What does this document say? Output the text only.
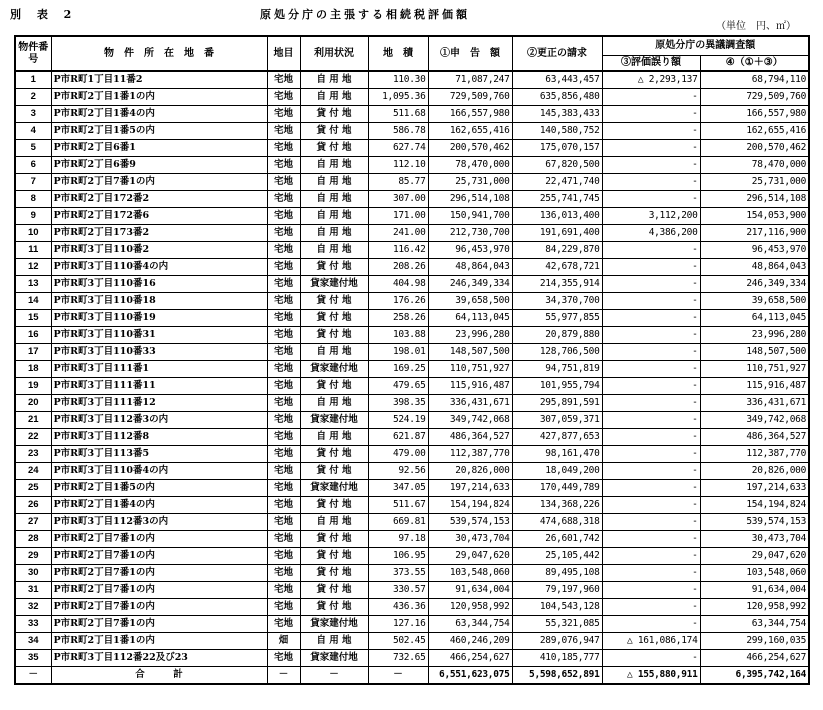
別 表 2	原処分庁の主張する相続税評価額
（単位　円、㎡）
物件番号	物　件　所　在　地　番	地目	利用状況	地　積	①申　告　額	②更正の請求	原処分庁の異議調査額	
							③評価誤り額	④（①＋③）
1	P市R町1丁目11番2	宅地	自 用 地	110.30	71,087,247	63,443,457	△ 2,293,137	68,794,110
2	P市R町2丁目1番1の内	宅地	自 用 地	1,095.36	729,509,760	635,856,480	-	729,509,760
3	P市R町2丁目1番4の内	宅地	貸 付 地	511.68	166,557,980	145,383,433	-	166,557,980
4	P市R町2丁目1番5の内	宅地	貸 付 地	586.78	162,655,416	140,580,752	-	162,655,416
5	P市R町2丁目6番1	宅地	貸 付 地	627.74	200,570,462	175,070,157	-	200,570,462
6	P市R町2丁目6番9	宅地	自 用 地	112.10	78,470,000	67,820,500	-	78,470,000
7	P市R町2丁目7番1の内	宅地	自 用 地	85.77	25,731,000	22,471,740	-	25,731,000
8	P市R町2丁目172番2	宅地	自 用 地	307.00	296,514,108	255,741,745	-	296,514,108
9	P市R町2丁目172番6	宅地	自 用 地	171.00	150,941,700	136,013,400	3,112,200	154,053,900
10	P市R町2丁目173番2	宅地	自 用 地	241.00	212,730,700	191,691,400	4,386,200	217,116,900
11	P市R町3丁目110番2	宅地	自 用 地	116.42	96,453,970	84,229,870	-	96,453,970
12	P市R町3丁目110番4の内	宅地	貸 付 地	208.26	48,864,043	42,678,721	-	48,864,043
13	P市R町3丁目110番16	宅地	貸家建付地	404.98	246,349,334	214,355,914	-	246,349,334
14	P市R町3丁目110番18	宅地	貸 付 地	176.26	39,658,500	34,370,700	-	39,658,500
15	P市R町3丁目110番19	宅地	貸 付 地	258.26	64,113,045	55,977,855	-	64,113,045
16	P市R町3丁目110番31	宅地	貸 付 地	103.88	23,996,280	20,879,880	-	23,996,280
17	P市R町3丁目110番33	宅地	自 用 地	198.01	148,507,500	128,706,500	-	148,507,500
18	P市R町3丁目111番1	宅地	貸家建付地	169.25	110,751,927	94,751,819	-	110,751,927
19	P市R町3丁目111番11	宅地	貸 付 地	479.65	115,916,487	101,955,794	-	115,916,487
20	P市R町3丁目111番12	宅地	自 用 地	398.35	336,431,671	295,891,591	-	336,431,671
21	P市R町3丁目112番3の内	宅地	貸家建付地	524.19	349,742,068	307,059,371	-	349,742,068
22	P市R町3丁目112番8	宅地	自 用 地	621.87	486,364,527	427,877,653	-	486,364,527
23	P市R町3丁目113番5	宅地	貸 付 地	479.00	112,387,770	98,161,470	-	112,387,770
24	P市R町3丁目110番4の内	宅地	貸 付 地	92.56	20,826,000	18,049,200	-	20,826,000
25	P市R町2丁目1番5の内	宅地	貸家建付地	347.05	197,214,633	170,449,789	-	197,214,633
26	P市R町2丁目1番4の内	宅地	貸 付 地	511.67	154,194,824	134,368,226	-	154,194,824
27	P市R町3丁目112番3の内	宅地	自 用 地	669.81	539,574,153	474,688,318	-	539,574,153
28	P市R町2丁目7番1の内	宅地	貸 付 地	97.18	30,473,704	26,601,742	-	30,473,704
29	P市R町2丁目7番1の内	宅地	貸 付 地	106.95	29,047,620	25,105,442	-	29,047,620
30	P市R町2丁目7番1の内	宅地	貸 付 地	373.55	103,548,060	89,495,108	-	103,548,060
31	P市R町2丁目7番1の内	宅地	貸 付 地	330.57	91,634,004	79,197,960	-	91,634,004
32	P市R町2丁目7番1の内	宅地	貸 付 地	436.36	120,958,992	104,543,128	-	120,958,992
33	P市R町2丁目7番1の内	宅地	貸家建付地	127.16	63,344,754	55,321,085	-	63,344,754
34	P市R町2丁目1番1の内	畑	自 用 地	502.45	460,246,209	289,076,947	△ 161,086,174	299,160,035
35	P市R町3丁目112番22及び23	宅地	貸家建付地	732.65	466,254,627	410,185,777	-	466,254,627
－	合　　　計	－	－	－	6,551,623,075	5,598,652,891	△ 155,880,911	6,395,742,164
